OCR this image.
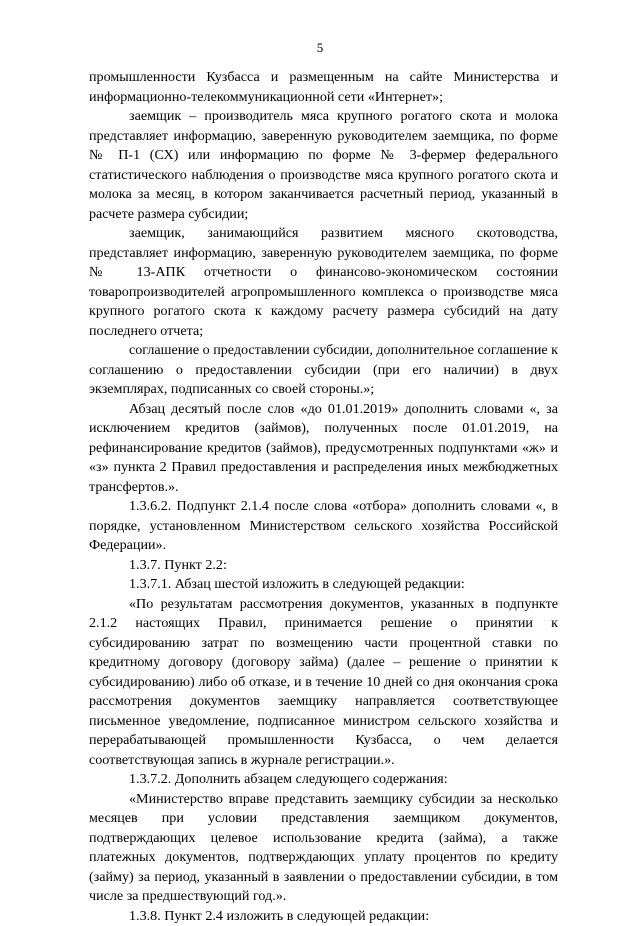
5

промышленности Кузбасса и размещенным на сайте Министерства и информационно-телекоммуникационной сети «Интернет»;

заемщик – производитель мяса крупного рогатого скота и молока представляет информацию, заверенную руководителем заемщика, по форме № П-1 (СХ) или информацию по форме № 3-фермер федерального статистического наблюдения о производстве мяса крупного рогатого скота и молока за месяц, в котором заканчивается расчетный период, указанный в расчете размера субсидии;

заемщик, занимающийся развитием мясного скотоводства, представляет информацию, заверенную руководителем заемщика, по форме № 13-АПК отчетности о финансово-экономическом состоянии товаропроизводителей агропромышленного комплекса о производстве мяса крупного рогатого скота к каждому расчету размера субсидий на дату последнего отчета;

соглашение о предоставлении субсидии, дополнительное соглашение к соглашению о предоставлении субсидии (при его наличии) в двух экземплярах, подписанных со своей стороны.»;

Абзац десятый после слов «до 01.01.2019» дополнить словами «, за исключением кредитов (займов), полученных после 01.01.2019, на рефинансирование кредитов (займов), предусмотренных подпунктами «ж» и «з» пункта 2 Правил предоставления и распределения иных межбюджетных трансфертов.».

1.3.6.2. Подпункт 2.1.4 после слова «отбора» дополнить словами «, в порядке, установленном Министерством сельского хозяйства Российской Федерации».

1.3.7. Пункт 2.2:

1.3.7.1. Абзац шестой изложить в следующей редакции:

«По результатам рассмотрения документов, указанных в подпункте 2.1.2 настоящих Правил, принимается решение о принятии к субсидированию затрат по возмещению части процентной ставки по кредитному договору (договору займа) (далее – решение о принятии к субсидированию) либо об отказе, и в течение 10 дней со дня окончания срока рассмотрения документов заемщику направляется соответствующее письменное уведомление, подписанное министром сельского хозяйства и перерабатывающей промышленности Кузбасса, о чем делается соответствующая запись в журнале регистрации.».

1.3.7.2. Дополнить абзацем следующего содержания:

«Министерство вправе представить заемщику субсидии за несколько месяцев при условии представления заемщиком документов, подтверждающих целевое использование кредита (займа), а также платежных документов, подтверждающих уплату процентов по кредиту (займу) за период, указанный в заявлении о предоставлении субсидии, в том числе за предшествующий год.».

1.3.8. Пункт 2.4 изложить в следующей редакции:
